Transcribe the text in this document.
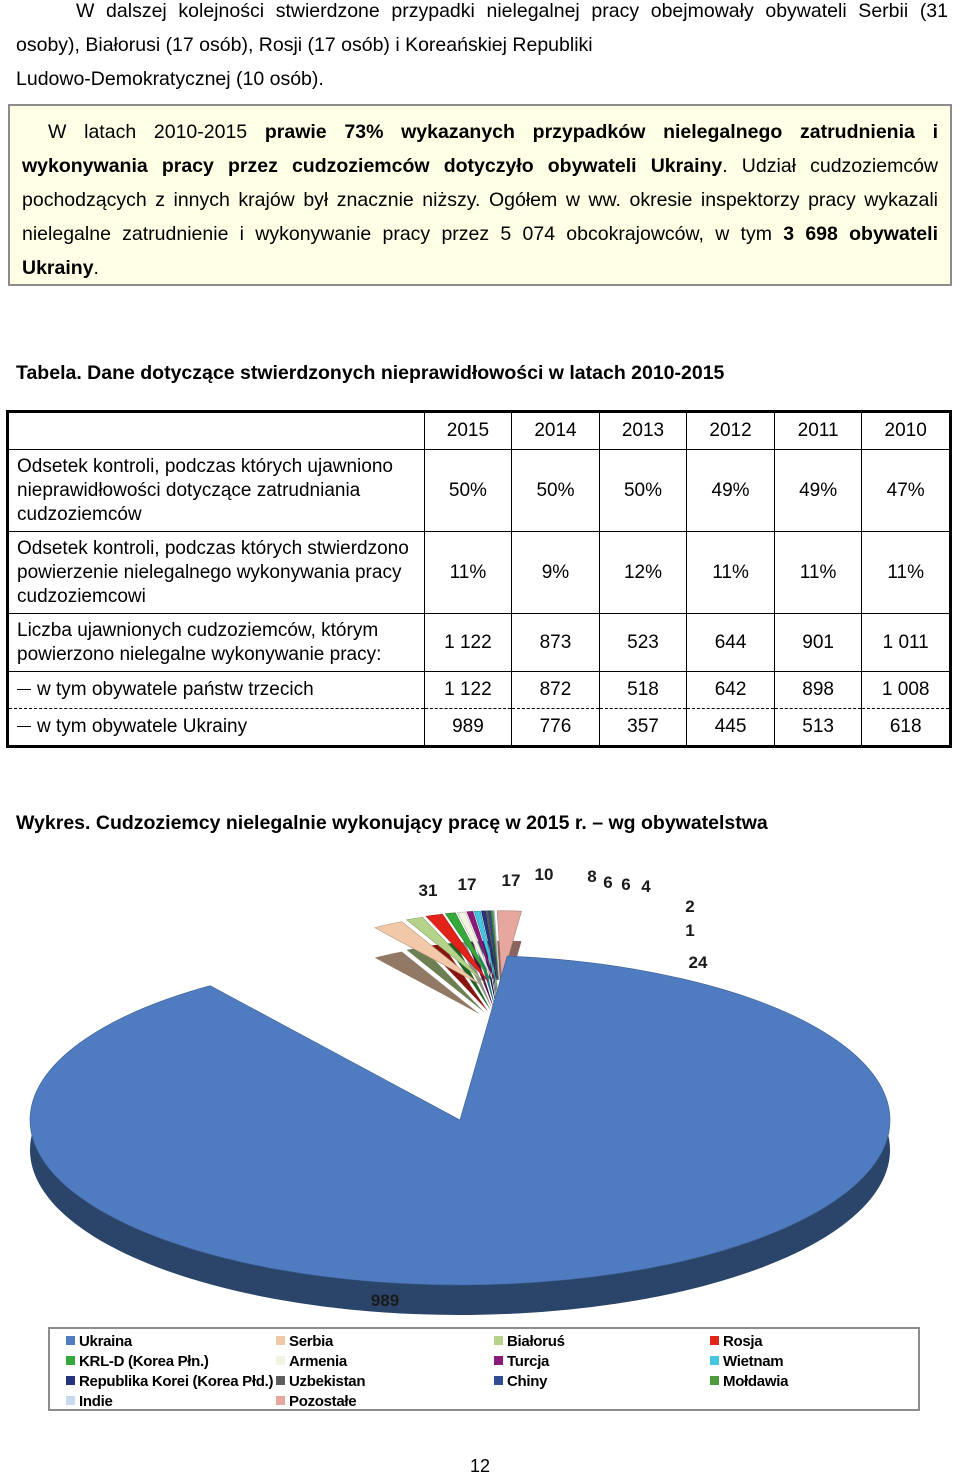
W dalszej kolejności stwierdzone przypadki nielegalnej pracy obejmowały obywateli Serbii (31 osoby), Białorusi (17 osób), Rosji (17 osób) i Koreańskiej Republiki
Ludowo-Demokratycznej (10 osób).
W latach 2010-2015 prawie 73% wykazanych przypadków nielegalnego zatrudnienia i wykonywania pracy przez cudzoziemców dotyczyło obywateli Ukrainy. Udział cudzoziemców pochodzących z innych krajów był znacznie niższy. Ogółem w ww. okresie inspektorzy pracy wykazali nielegalne zatrudnienie i wykonywanie pracy przez 5 074 obcokrajowców, w tym 3 698 obywateli Ukrainy.
Tabela. Dane dotyczące stwierdzonych nieprawidłowości w latach 2010-2015
	2015	2014	2013	2012	2011	2010
Odsetek kontroli, podczas których ujawniono nieprawidłowości dotyczące zatrudniania cudzoziemców	50%	50%	50%	49%	49%	47%
Odsetek kontroli, podczas których stwierdzono powierzenie nielegalnego wykonywania pracy cudzoziemcowi	11%	9%	12%	11%	11%	11%
Liczba ujawnionych cudzoziemców, którym powierzono nielegalne wykonywanie pracy:	1 122	873	523	644	901	1 011
w tym obywatele państw trzecich	1 122	872	518	642	898	1 008
w tym obywatele Ukrainy	989	776	357	445	513	618
Wykres. Cudzoziemcy nielegalnie wykonujący pracę w 2015 r. – wg obywatelstwa
989
31 17 17 10 8 6 6 4
2
1
24
Ukraina	Serbia	Białoruś	Rosja
KRL-D (Korea Płn.)	Armenia	Turcja	Wietnam
Republika Korei (Korea Płd.)	Uzbekistan	Chiny	Mołdawia
Indie	Pozostałe
12
